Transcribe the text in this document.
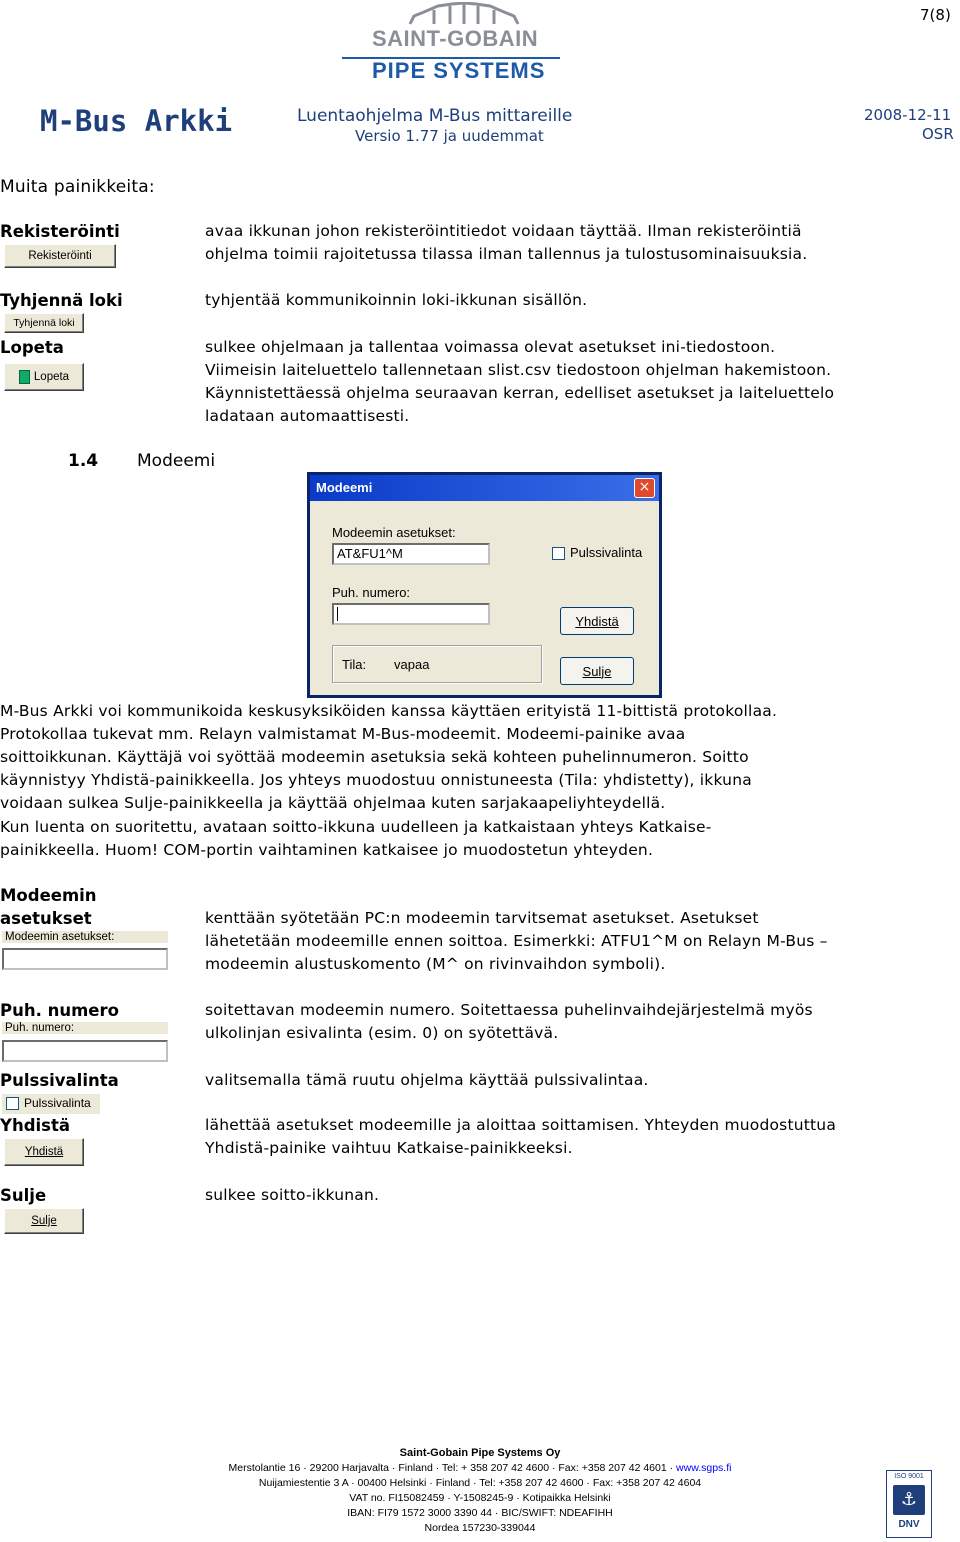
7(8)
SAINT-GOBAIN
PIPE SYSTEMS
M-Bus Arkki	Luentaohjelma M-Bus mittareille
Versio 1.77 ja uudemmat
2008-12-11
OSR
Muita painikkeita:
Rekisteröinti
Rekisteröinti
avaa ikkunan johon rekisteröintitiedot voidaan täyttää. Ilman rekisteröintiä
ohjelma toimii rajoitetussa tilassa ilman tallennus ja tulostusominaisuuksia.
Tyhjennä loki
Tyhjennä loki
tyhjentää kommunikoinnin loki-ikkunan sisällön.
Lopeta
Lopeta
sulkee ohjelmaan ja tallentaa voimassa olevat asetukset ini-tiedostoon.
Viimeisin laiteluettelo tallennetaan slist.csv tiedostoon ohjelman hakemistoon.
Käynnistettäessä ohjelma seuraavan kerran, edelliset asetukset ja laiteluettelo
ladataan automaattisesti.
1.4 Modeemi
Modeemi	×
Modeemin asetukset:
AT&FU1^M	Pulssivalinta
Puh. numero:
Yhdistä
Tila: vapaa	Sulje
M-Bus Arkki voi kommunikoida keskusyksiköiden kanssa käyttäen erityistä 11-bittistä protokollaa.
Protokollaa tukevat mm. Relayn valmistamat M-Bus-modeemit. Modeemi-painike avaa
soittoikkunan. Käyttäjä voi syöttää modeemin asetuksia sekä kohteen puhelinnumeron. Soitto
käynnistyy Yhdistä-painikkeella. Jos yhteys muodostuu onnistuneesta (Tila: yhdistetty), ikkuna
voidaan sulkea Sulje-painikkeella ja käyttää ohjelmaa kuten sarjakaapeliyhteydellä.
Kun luenta on suoritettu, avataan soitto-ikkuna uudelleen ja katkaistaan yhteys Katkaise-
painikkeella. Huom! COM-portin vaihtaminen katkaisee jo muodostetun yhteyden.
Modeemin
asetukset
Modeemin asetukset:
kenttään syötetään PC:n modeemin tarvitsemat asetukset. Asetukset
lähetetään modeemille ennen soittoa. Esimerkki: ATFU1^M on Relayn M-Bus –
modeemin alustuskomento (M^ on rivinvaihdon symboli).
Puh. numero
Puh. numero:
soitettavan modeemin numero. Soitettaessa puhelinvaihdejärjestelmä myös
ulkolinjan esivalinta (esim. 0) on syötettävä.
Pulssivalinta
Pulssivalinta
valitsemalla tämä ruutu ohjelma käyttää pulssivalintaa.
Yhdistä
Yhdistä
lähettää asetukset modeemille ja aloittaa soittamisen. Yhteyden muodostuttua
Yhdistä-painike vaihtuu Katkaise-painikkeeksi.
Sulje
Sulje
sulkee soitto-ikkunan.
Saint-Gobain Pipe Systems Oy
Merstolantie 16 · 29200 Harjavalta · Finland · Tel: + 358 207 42 4600 · Fax: +358 207 42 4601 · www.sgps.fi
Nuijamiestentie 3 A · 00400 Helsinki · Finland · Tel: +358 207 42 4600 · Fax: +358 207 42 4604
VAT no. FI15082459 · Y-1508245-9 · Kotipaikka Helsinki
IBAN: FI79 1572 3000 3390 44 · BIC/SWIFT: NDEAFIHH
Nordea 157230-339044
ISO 9001
⚓
DNV
